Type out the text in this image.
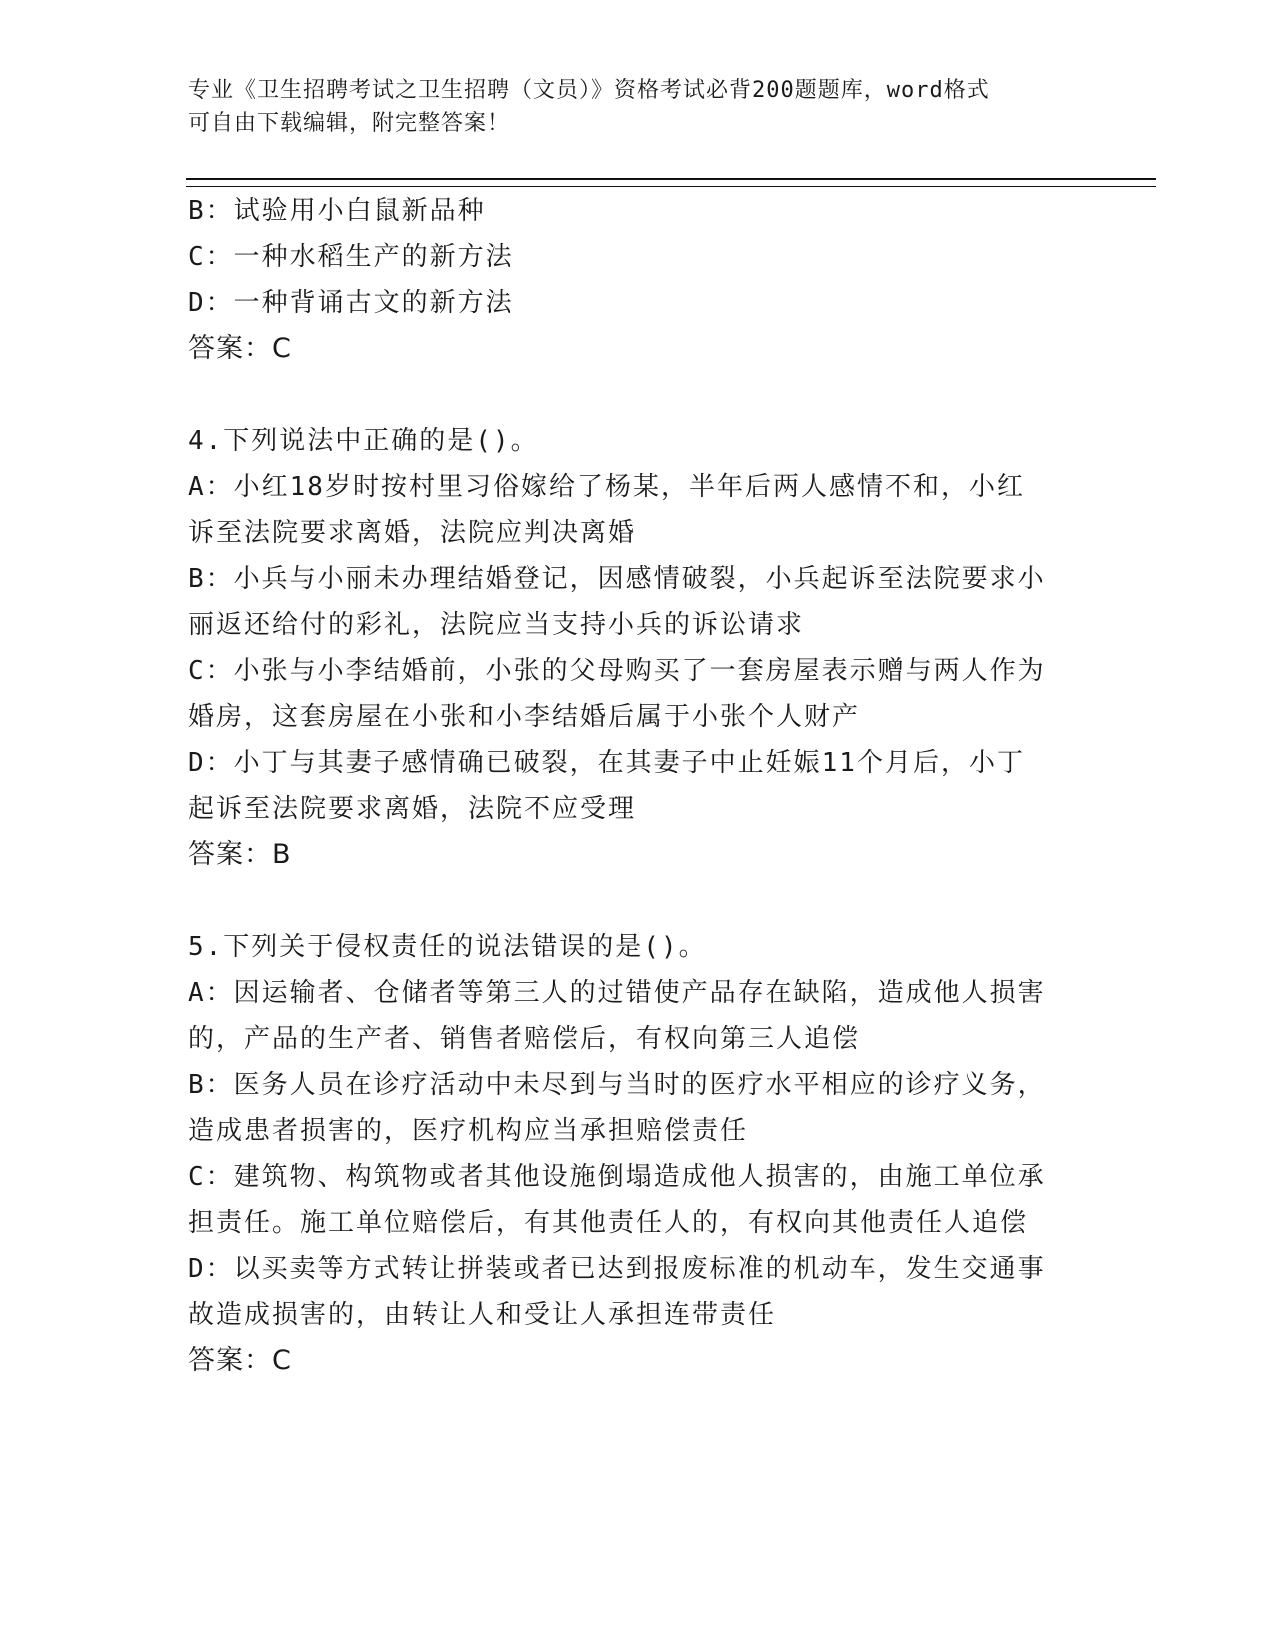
专业《卫生招聘考试之卫生招聘（文员）》资格考试必背200题题库，word格式
可自由下载编辑，附完整答案！
B：试验用小白鼠新品种
C：一种水稻生产的新方法
D：一种背诵古文的新方法
答案：C
4.下列说法中正确的是()。
A：小红18岁时按村里习俗嫁给了杨某，半年后两人感情不和，小红
诉至法院要求离婚，法院应判决离婚
B：小兵与小丽未办理结婚登记，因感情破裂，小兵起诉至法院要求小
丽返还给付的彩礼，法院应当支持小兵的诉讼请求
C：小张与小李结婚前，小张的父母购买了一套房屋表示赠与两人作为
婚房，这套房屋在小张和小李结婚后属于小张个人财产
D：小丁与其妻子感情确已破裂，在其妻子中止妊娠11个月后，小丁
起诉至法院要求离婚，法院不应受理
答案：B
5.下列关于侵权责任的说法错误的是()。
A：因运输者、仓储者等第三人的过错使产品存在缺陷，造成他人损害
的，产品的生产者、销售者赔偿后，有权向第三人追偿
B：医务人员在诊疗活动中未尽到与当时的医疗水平相应的诊疗义务，
造成患者损害的，医疗机构应当承担赔偿责任
C：建筑物、构筑物或者其他设施倒塌造成他人损害的，由施工单位承
担责任。施工单位赔偿后，有其他责任人的，有权向其他责任人追偿
D：以买卖等方式转让拼装或者已达到报废标准的机动车，发生交通事
故造成损害的，由转让人和受让人承担连带责任
答案：C
